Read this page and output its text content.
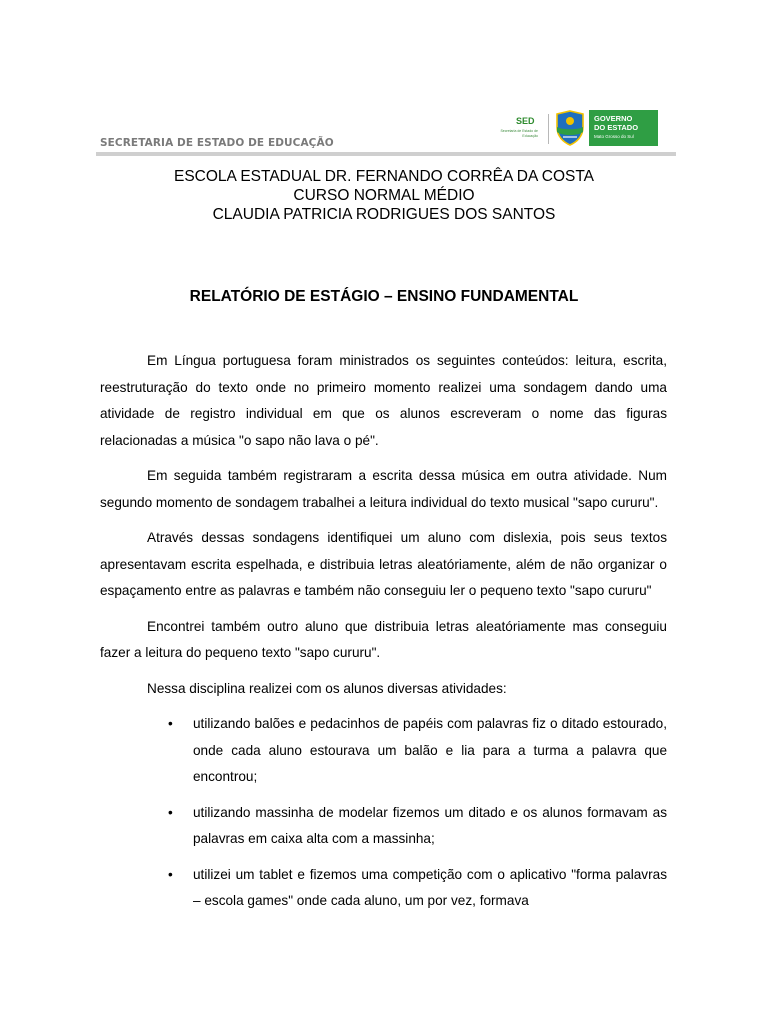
SECRETARIA DE ESTADO DE EDUCAÇÃO
SED
Secretaria de Estado de Educação
GOVERNO
DO ESTADO
Mato Grosso do Sul
ESCOLA ESTADUAL DR. FERNANDO CORRÊA DA COSTA
CURSO NORMAL MÉDIO
CLAUDIA PATRICIA RODRIGUES DOS SANTOS
RELATÓRIO DE ESTÁGIO – ENSINO FUNDAMENTAL

Em Língua portuguesa foram ministrados os seguintes conteúdos: leitura, escrita, reestruturação do texto onde no primeiro momento realizei uma sondagem dando uma atividade de registro individual em que os alunos escreveram o nome das figuras relacionadas a música "o sapo não lava o pé".

Em seguida também registraram a escrita dessa música em outra atividade. Num segundo momento de sondagem trabalhei a leitura individual do texto musical "sapo cururu".

Através dessas sondagens identifiquei um aluno com dislexia, pois seus textos apresentavam escrita espelhada, e distribuia letras aleatóriamente, além de não organizar o espaçamento entre as palavras e também não conseguiu ler o pequeno texto "sapo cururu"

Encontrei também outro aluno que distribuia letras aleatóriamente mas conseguiu fazer a leitura do pequeno texto "sapo cururu".

Nessa disciplina realizei com os alunos diversas atividades:

• utilizando balões e pedacinhos de papéis com palavras fiz o ditado estourado, onde cada aluno estourava um balão e lia para a turma a palavra que encontrou;
• utilizando massinha de modelar fizemos um ditado e os alunos formavam as palavras em caixa alta com a massinha;
• utilizei um tablet e fizemos uma competição com o aplicativo "forma palavras – escola games" onde cada aluno, um por vez, formava
